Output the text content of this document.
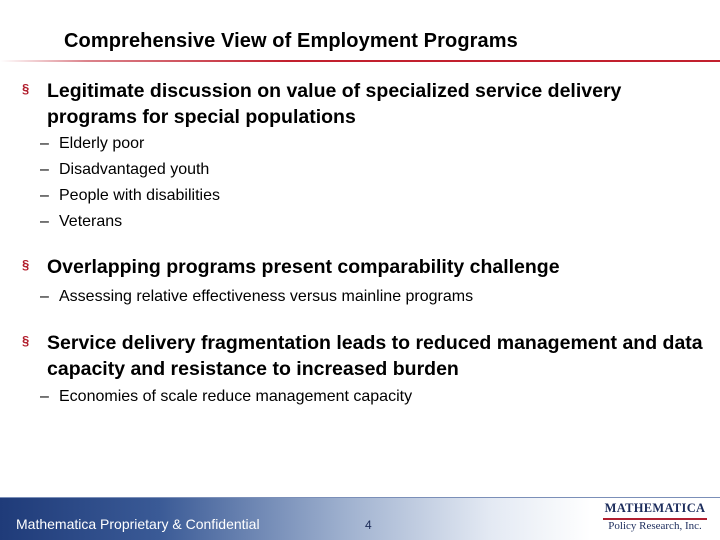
Comprehensive View of Employment Programs
§ Legitimate discussion on value of specialized service delivery programs for special populations
– Elderly poor
– Disadvantaged youth
– People with disabilities
– Veterans
§ Overlapping programs present comparability challenge
– Assessing relative effectiveness versus mainline programs
§ Service delivery fragmentation leads to reduced management and data capacity and resistance to increased burden
– Economies of scale reduce management capacity
Mathematica Proprietary & Confidential	4
MATHEMATICA
Policy Research, Inc.
